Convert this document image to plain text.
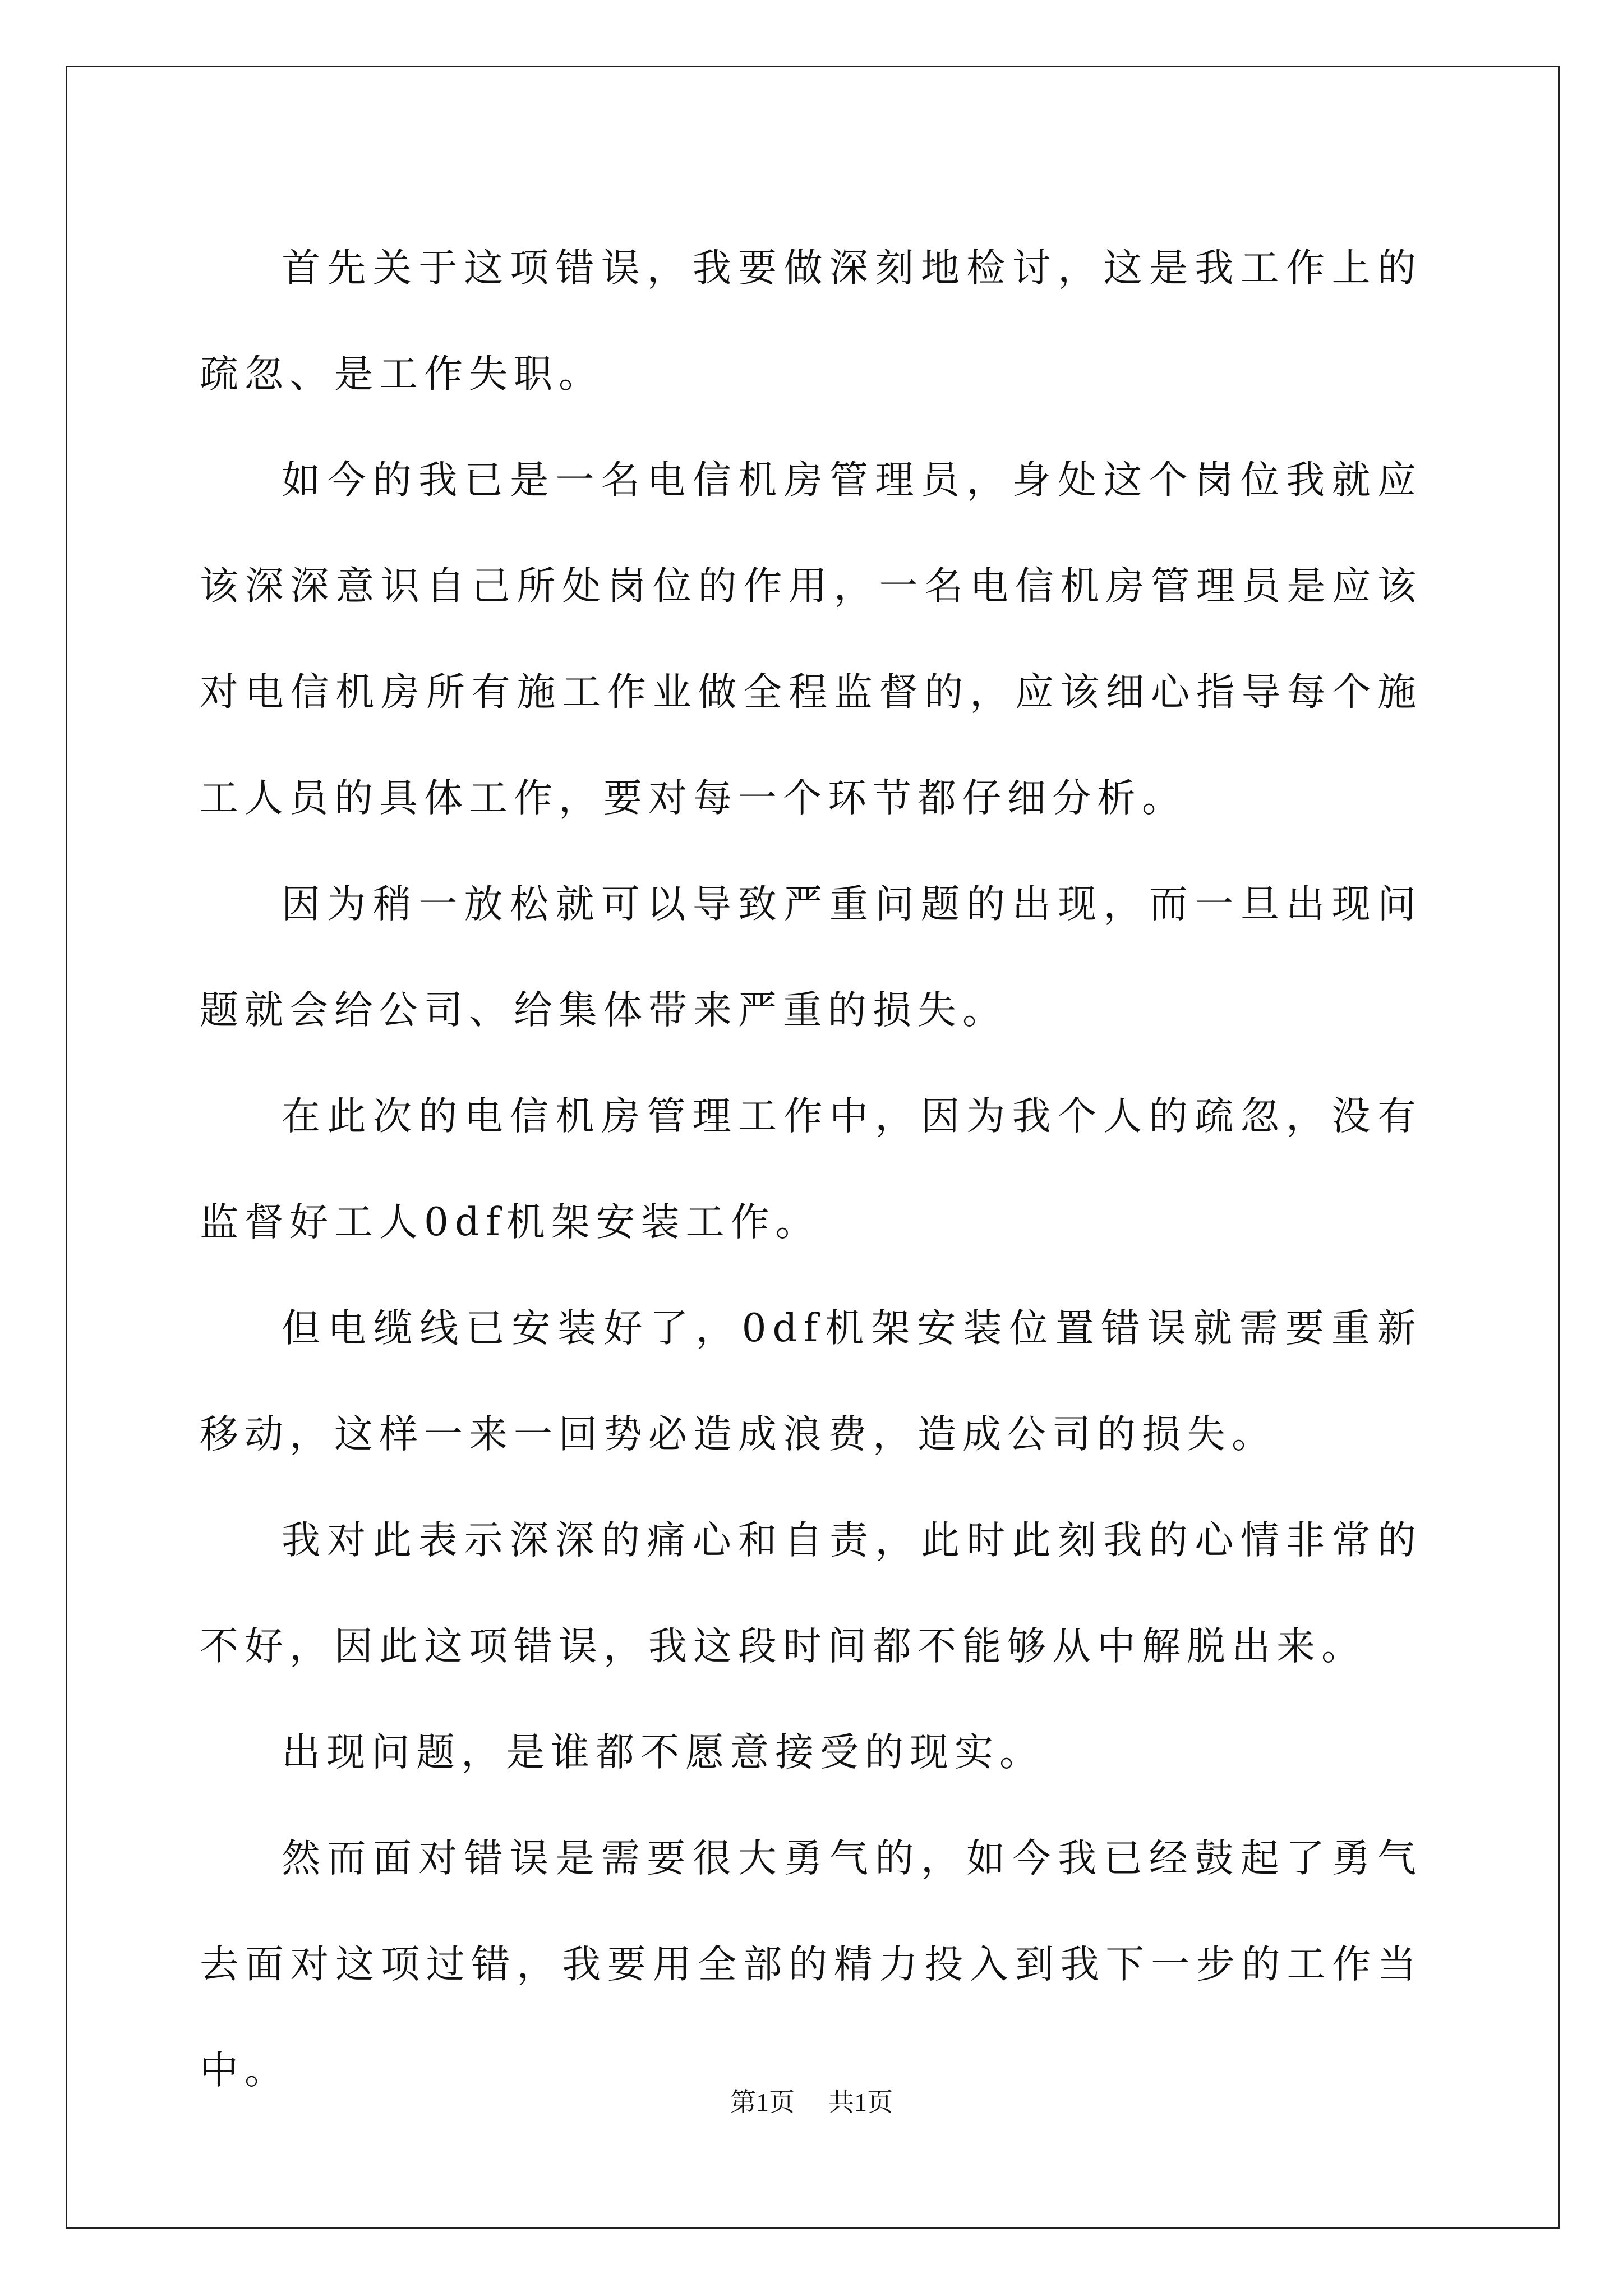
首先关于这项错误，我要做深刻地检讨，这是我工作上的疏忽、是工作失职。

如今的我已是一名电信机房管理员，身处这个岗位我就应该深深意识自己所处岗位的作用，一名电信机房管理员是应该对电信机房所有施工作业做全程监督的，应该细心指导每个施工人员的具体工作，要对每一个环节都仔细分析。

因为稍一放松就可以导致严重问题的出现，而一旦出现问题就会给公司、给集体带来严重的损失。

在此次的电信机房管理工作中，因为我个人的疏忽，没有监督好工人0df机架安装工作。

但电缆线已安装好了，0df机架安装位置错误就需要重新移动，这样一来一回势必造成浪费，造成公司的损失。

我对此表示深深的痛心和自责，此时此刻我的心情非常的不好，因此这项错误，我这段时间都不能够从中解脱出来。

出现问题，是谁都不愿意接受的现实。

然而面对错误是需要很大勇气的，如今我已经鼓起了勇气去面对这项过错，我要用全部的精力投入到我下一步的工作当中。

第1页 共1页
